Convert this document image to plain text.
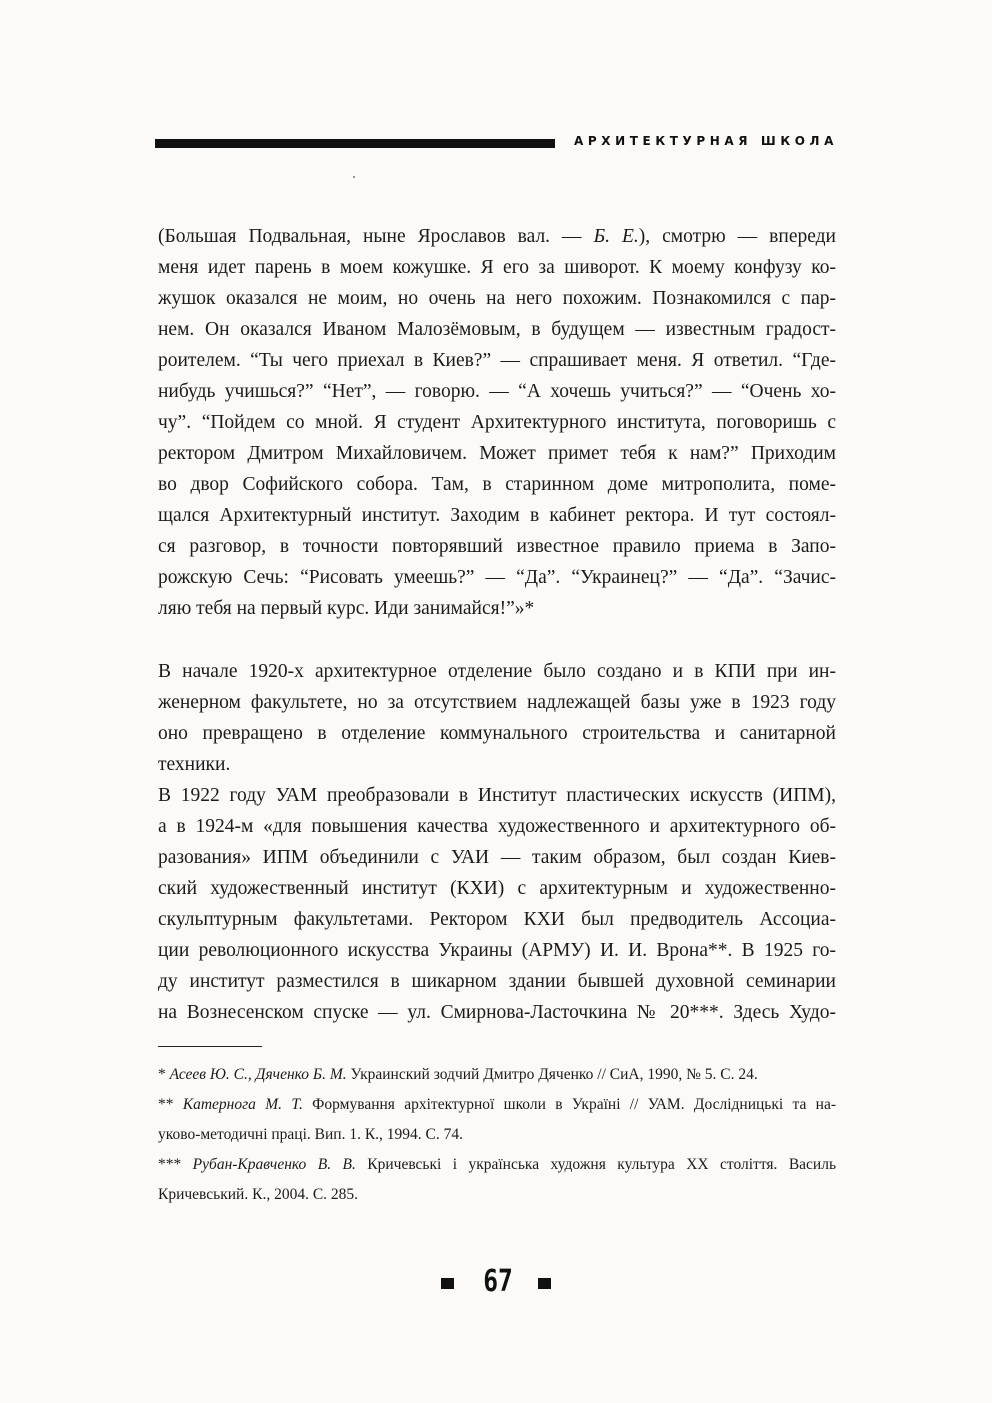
АРХИТЕКТУРНАЯ ШКОЛА
(Большая Подвальная, ныне Ярославов вал. — Б. Е.), смотрю — впереди
меня идет парень в моем кожушке. Я его за шиворот. К моему конфузу ко-
жушок оказался не моим, но очень на него похожим. Познакомился с пар-
нем. Он оказался Иваном Малозёмовым, в будущем — известным градост-
роителем. “Ты чего приехал в Киев?” — спрашивает меня. Я ответил. “Где-
нибудь учишься?” “Нет”, — говорю. — “А хочешь учиться?” — “Очень хо-
чу”. “Пойдем со мной. Я студент Архитектурного института, поговоришь с
ректором Дмитром Михайловичем. Может примет тебя к нам?” Приходим
во двор Софийского собора. Там, в старинном доме митрополита, поме-
щался Архитектурный институт. Заходим в кабинет ректора. И тут состоял-
ся разговор, в точности повторявший известное правило приема в Запо-
рожскую Сечь: “Рисовать умеешь?” — “Да”. “Украинец?” — “Да”. “Зачис-
ляю тебя на первый курс. Иди занимайся!”»*
В начале 1920-х архитектурное отделение было создано и в КПИ при ин-
женерном факультете, но за отсутствием надлежащей базы уже в 1923 году
оно превращено в отделение коммунального строительства и санитарной
техники.
В 1922 году УАМ преобразовали в Институт пластических искусств (ИПМ),
а в 1924-м «для повышения качества художественного и архитектурного об-
разования» ИПМ объединили с УАИ — таким образом, был создан Киев-
ский художественный институт (КХИ) с архитектурным и художественно-
скульптурным факультетами. Ректором КХИ был предводитель Ассоциа-
ции революционного искусства Украины (АРМУ) И. И. Врона**. В 1925 го-
ду институт разместился в шикарном здании бывшей духовной семинарии
на Вознесенском спуске — ул. Смирнова-Ласточкина № 20***. Здесь Худо-
* Асеев Ю. С., Дяченко Б. М. Украинский зодчий Дмитро Дяченко // СиА, 1990, № 5. С. 24.
** Катернога М. Т. Формування архітектурної школи в Україні // УАМ. Дослідницькі та на-
уково-методичні праці. Вип. 1. К., 1994. С. 74.
*** Рубан-Кравченко В. В. Кричевські і українська художня культура XX століття. Василь
Кричевський. К., 2004. С. 285.
67
